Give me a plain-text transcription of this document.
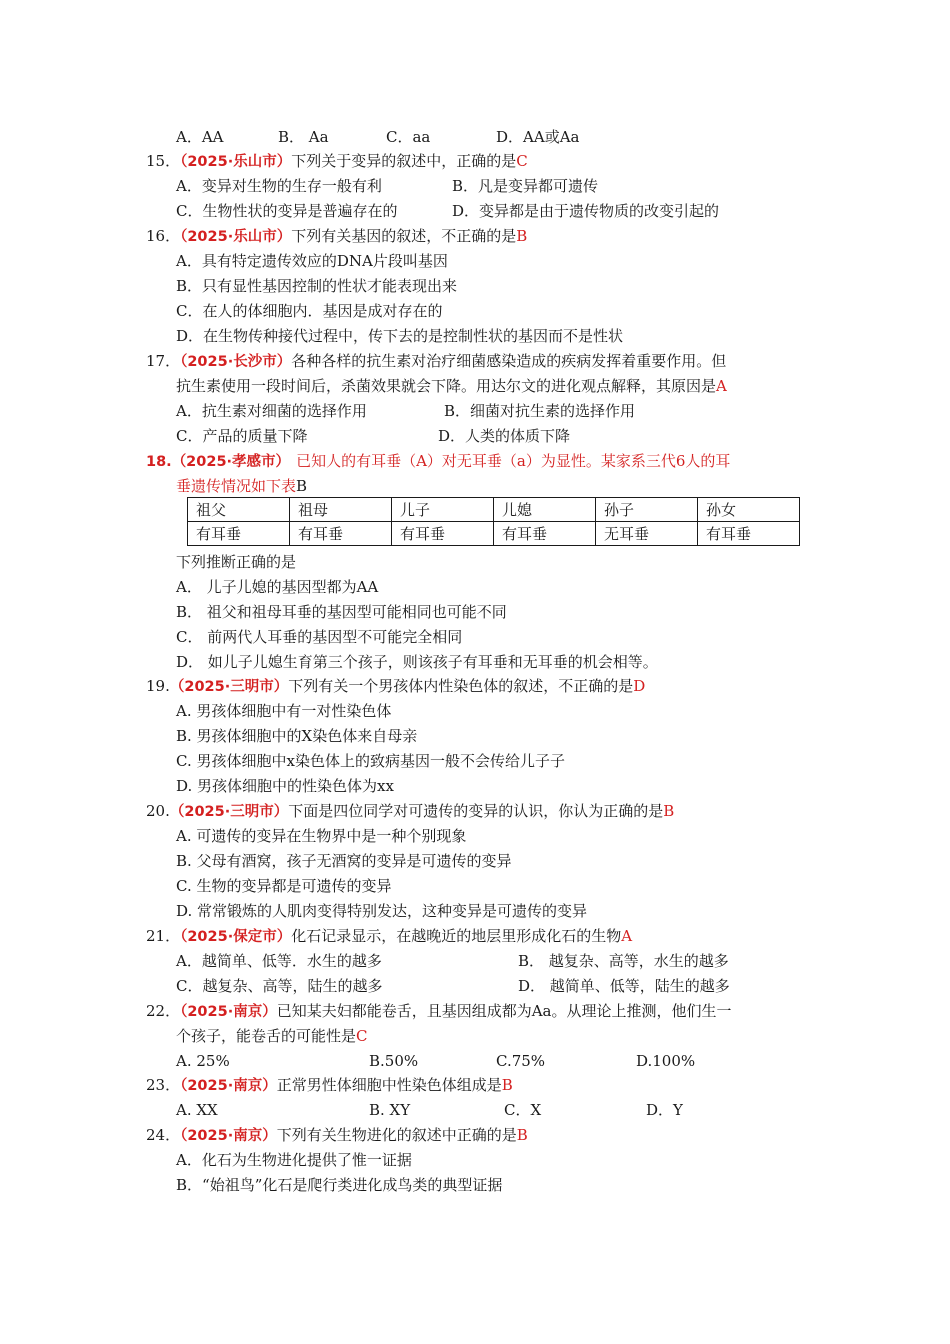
A．AA	B． Aa	C．aa	D．AA或Aa
15．（2025·乐山市）下列关于变异的叙述中，正确的是C
A．变异对生物的生存一般有利	B．凡是变异都可遗传
C．生物性状的变异是普遍存在的	D．变异都是由于遗传物质的改变引起的
16．（2025·乐山市）下列有关基因的叙述，不正确的是B
A．具有特定遗传效应的DNA片段叫基因
B．只有显性基因控制的性状才能表现出来
C．在人的体细胞内．基因是成对存在的
D．在生物传种接代过程中，传下去的是控制性状的基因而不是性状
17．（2025·长沙市）各种各样的抗生素对治疗细菌感染造成的疾病发挥着重要作用。但
抗生素使用一段时间后，杀菌效果就会下降。用达尔文的进化观点解释，其原因是A
A．抗生素对细菌的选择作用	B．细菌对抗生素的选择作用
C．产品的质量下降	D．人类的体质下降
18.（2025·孝感市） 已知人的有耳垂（A）对无耳垂（a）为显性。某家系三代6人的耳
垂遗传情况如下表B
祖父	祖母	儿子	儿媳	孙子	孙女
有耳垂	有耳垂	有耳垂	有耳垂	无耳垂	有耳垂
下列推断正确的是
A． 儿子儿媳的基因型都为AA
B． 祖父和祖母耳垂的基因型可能相同也可能不同
C． 前两代人耳垂的基因型不可能完全相同
D． 如儿子儿媳生育第三个孩子，则该孩子有耳垂和无耳垂的机会相等。
19.（2025·三明市）下列有关一个男孩体内性染色体的叙述，不正确的是D
A. 男孩体细胞中有一对性染色体
B. 男孩体细胞中的X染色体来自母亲
C. 男孩体细胞中x染色体上的致病基因一般不会传给儿子子
D. 男孩体细胞中的性染色体为xx
20.（2025·三明市）下面是四位同学对可遗传的变异的认识，你认为正确的是B
A. 可遗传的变异在生物界中是一种个别现象
B. 父母有酒窝，孩子无酒窝的变异是可遗传的变异
C. 生物的变异都是可遗传的变异
D. 常常锻炼的人肌肉变得特别发达，这种变异是可遗传的变异
21．（2025·保定市）化石记录显示，在越晚近的地层里形成化石的生物A
A．越简单、低等．水生的越多	B． 越复杂、高等，水生的越多
C．越复杂、高等，陆生的越多	D． 越简单、低等，陆生的越多
22．（2025·南京）已知某夫妇都能卷舌，且基因组成都为Aa。从理论上推测，他们生一
个孩子，能卷舌的可能性是C
A. 25%	B.50%	C.75%	D.100%
23．（2025·南京）正常男性体细胞中性染色体组成是B
A. XX	B. XY	C．X	D．Y
24．（2025·南京）下列有关生物进化的叙述中正确的是B
A．化石为生物进化提供了惟一证据
B．“始祖鸟”化石是爬行类进化成鸟类的典型证据
